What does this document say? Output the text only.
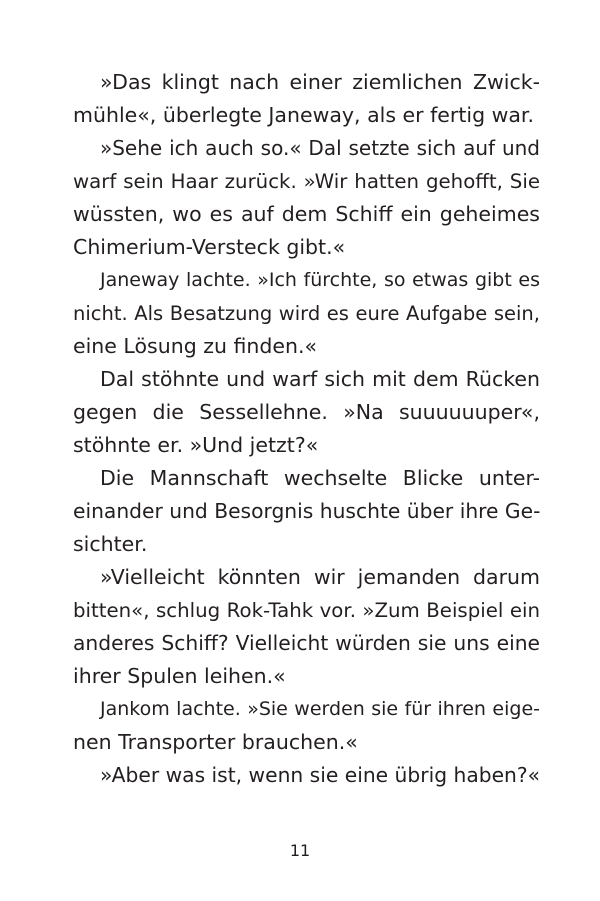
»Das klingt nach einer ziemlichen Zwick-
mühle«, überlegte Janeway, als er fertig war.
»Sehe ich auch so.« Dal setzte sich auf und
warf sein Haar zurück. »Wir hatten gehofft, Sie
wüssten, wo es auf dem Schiff ein geheimes
Chimerium-Versteck gibt.«
Janeway lachte. »Ich fürchte, so etwas gibt es
nicht. Als Besatzung wird es eure Aufgabe sein,
eine Lösung zu finden.«
Dal stöhnte und warf sich mit dem Rücken
gegen die Sessellehne. »Na suuuuuuper«,
stöhnte er. »Und jetzt?«
Die Mannschaft wechselte Blicke unter-
einander und Besorgnis huschte über ihre Ge-
sichter.
»Vielleicht könnten wir jemanden darum
bitten«, schlug Rok-Tahk vor. »Zum Beispiel ein
anderes Schiff? Vielleicht würden sie uns eine
ihrer Spulen leihen.«
Jankom lachte. »Sie werden sie für ihren eige-
nen Transporter brauchen.«
»Aber was ist, wenn sie eine übrig haben?«
11
